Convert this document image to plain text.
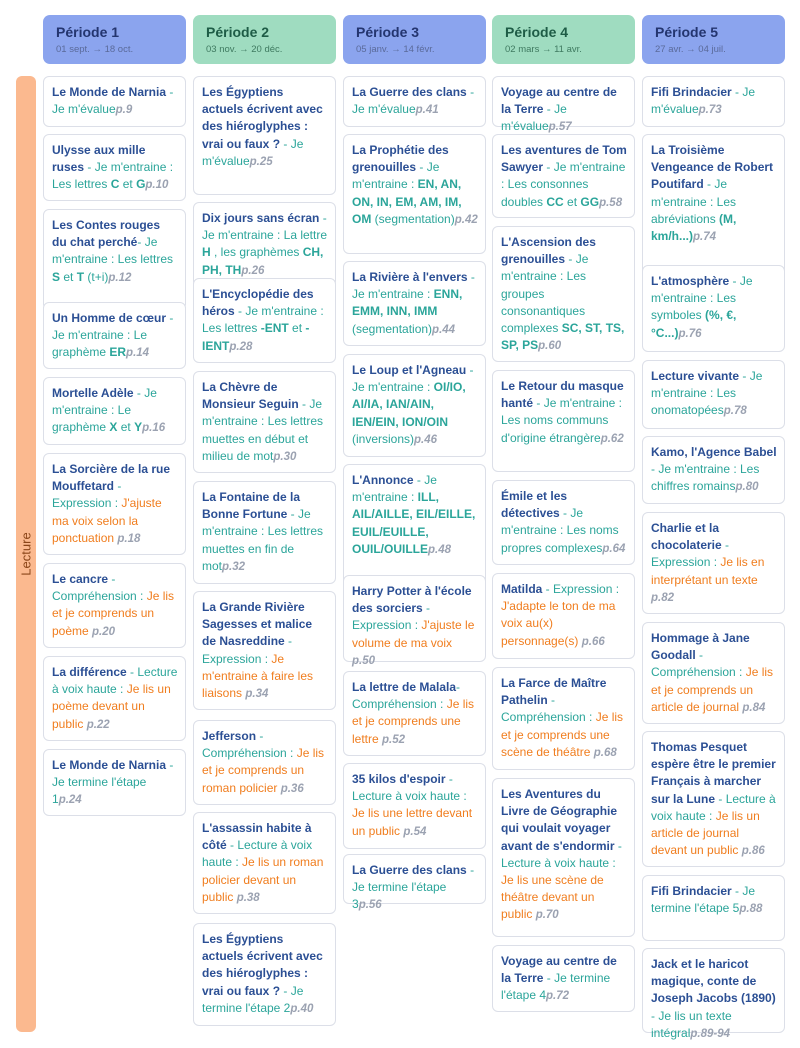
Période 1
01 sept. → 18 oct.
Période 2
03 nov. → 20 déc.
Période 3
05 janv. → 14 févr.
Période 4
02 mars → 11 avr.
Période 5
27 avr. → 04 juil.
Lecture
Le Monde de Narnia - Je m'évaluep.9
Ulysse aux mille ruses - Je m'entraine : Les lettres C et Gp.10
Les Contes rouges du chat perché- Je m'entraine : Les lettres S et T (t+i)p.12
Un Homme de cœur - Je m'entraine : Le graphème ERp.14
Mortelle Adèle - Je m'entraine : Le graphème X et Yp.16
La Sorcière de la rue Mouffetard - Expression : J'ajuste ma voix selon la ponctuation p.18
Le cancre - Compréhension : Je lis et je comprends un poème p.20
La différence - Lecture à voix haute : Je lis un poème devant un public p.22
Le Monde de Narnia - Je termine l'étape 1p.24
Les Égyptiens actuels écrivent avec des hiéroglyphes : vrai ou faux ? - Je m'évaluep.25
Dix jours sans écran - Je m'entraine : La lettre H , les graphèmes CH, PH, THp.26
L'Encyclopédie des héros - Je m'entraine : Les lettres -ENT et -IENTp.28
La Chèvre de Monsieur Seguin - Je m'entraine : Les lettres muettes en début et milieu de motp.30
La Fontaine de la Bonne Fortune - Je m'entraine : Les lettres muettes en fin de motp.32
La Grande Rivière Sagesses et malice de Nasreddine - Expression : Je m'entraine à faire les liaisons p.34
Jefferson - Compréhension : Je lis et je comprends un roman policier p.36
L'assassin habite à côté - Lecture à voix haute : Je lis un roman policier devant un public p.38
Les Égyptiens actuels écrivent avec des hiéroglyphes : vrai ou faux ? - Je termine l'étape 2p.40
La Guerre des clans - Je m'évaluep.41
La Prophétie des grenouilles - Je m'entraine : EN, AN, ON, IN, EM, AM, IM, OM (segmentation)p.42
La Rivière à l'envers - Je m'entraine : ENN, EMM, INN, IMM (segmentation)p.44
Le Loup et l'Agneau - Je m'entraine : OI/IO, AI/IA, IAN/AIN, IEN/EIN, ION/OIN (inversions)p.46
L'Annonce - Je m'entraine : ILL, AIL/AILLE, EIL/EILLE, EUIL/EUILLE, OUIL/OUILLEp.48
Harry Potter à l'école des sorciers - Expression : J'ajuste le volume de ma voix p.50
La lettre de Malala- Compréhension : Je lis et je comprends une lettre p.52
35 kilos d'espoir - Lecture à voix haute : Je lis une lettre devant un public p.54
La Guerre des clans - Je termine l'étape 3p.56
Voyage au centre de la Terre - Je m'évaluep.57
Les aventures de Tom Sawyer - Je m'entraine : Les consonnes doubles CC et GGp.58
L'Ascension des grenouilles - Je m'entraine : Les groupes consonantiques complexes SC, ST, TS, SP, PSp.60
Le Retour du masque hanté - Je m'entraine : Les noms communs d'origine étrangèrep.62
Émile et les détectives - Je m'entraine : Les noms propres complexesp.64
Matilda - Expression : J'adapte le ton de ma voix au(x) personnage(s) p.66
La Farce de Maître Pathelin - Compréhension : Je lis et je comprends une scène de théâtre p.68
Les Aventures du Livre de Géographie qui voulait voyager avant de s'endormir - Lecture à voix haute : Je lis une scène de théâtre devant un public p.70
Voyage au centre de la Terre - Je termine l'étape 4p.72
Fifi Brindacier - Je m'évaluep.73
La Troisième Vengeance de Robert Poutifard - Je m'entraine : Les abréviations (M, km/h...)p.74
L'atmosphère - Je m'entraine : Les symboles (%, €, °C...)p.76
Lecture vivante - Je m'entraine : Les onomatopéesp.78
Kamo, l'Agence Babel - Je m'entraine : Les chiffres romainsp.80
Charlie et la chocolaterie - Expression : Je lis en interprétant un texte p.82
Hommage à Jane Goodall - Compréhension : Je lis et je comprends un article de journal p.84
Thomas Pesquet espère être le premier Français à marcher sur la Lune - Lecture à voix haute : Je lis un article de journal devant un public p.86
Fifi Brindacier - Je termine l'étape 5p.88
Jack et le haricot magique, conte de Joseph Jacobs (1890) - Je lis un texte intégralp.89-94
